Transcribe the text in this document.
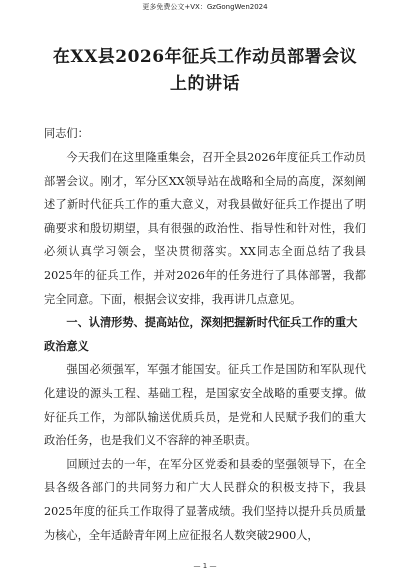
更多免费公文+VX：GzGongWen2024
在XX县2026年征兵工作动员部署会议
上的讲话

同志们：

今天我们在这里隆重集会，召开全县2026年度征兵工作动员部署会议。刚才，军分区XX领导站在战略和全局的高度，深刻阐述了新时代征兵工作的重大意义，对我县做好征兵工作提出了明确要求和殷切期望，具有很强的政治性、指导性和针对性，我们必须认真学习领会，坚决贯彻落实。XX同志全面总结了我县2025年的征兵工作，并对2026年的任务进行了具体部署，我都完全同意。下面，根据会议安排，我再讲几点意见。

一、认清形势、提高站位，深刻把握新时代征兵工作的重大政治意义

强国必须强军，军强才能国安。征兵工作是国防和军队现代化建设的源头工程、基础工程，是国家安全战略的重要支撑。做好征兵工作，为部队输送优质兵员，是党和人民赋予我们的重大政治任务，也是我们义不容辞的神圣职责。

回顾过去的一年，在军分区党委和县委的坚强领导下，在全县各级各部门的共同努力和广大人民群众的积极支持下，我县2025年度的征兵工作取得了显著成绩。我们坚持以提升兵员质量为核心，全年适龄青年网上应征报名人数突破2900人，

— 1 —
